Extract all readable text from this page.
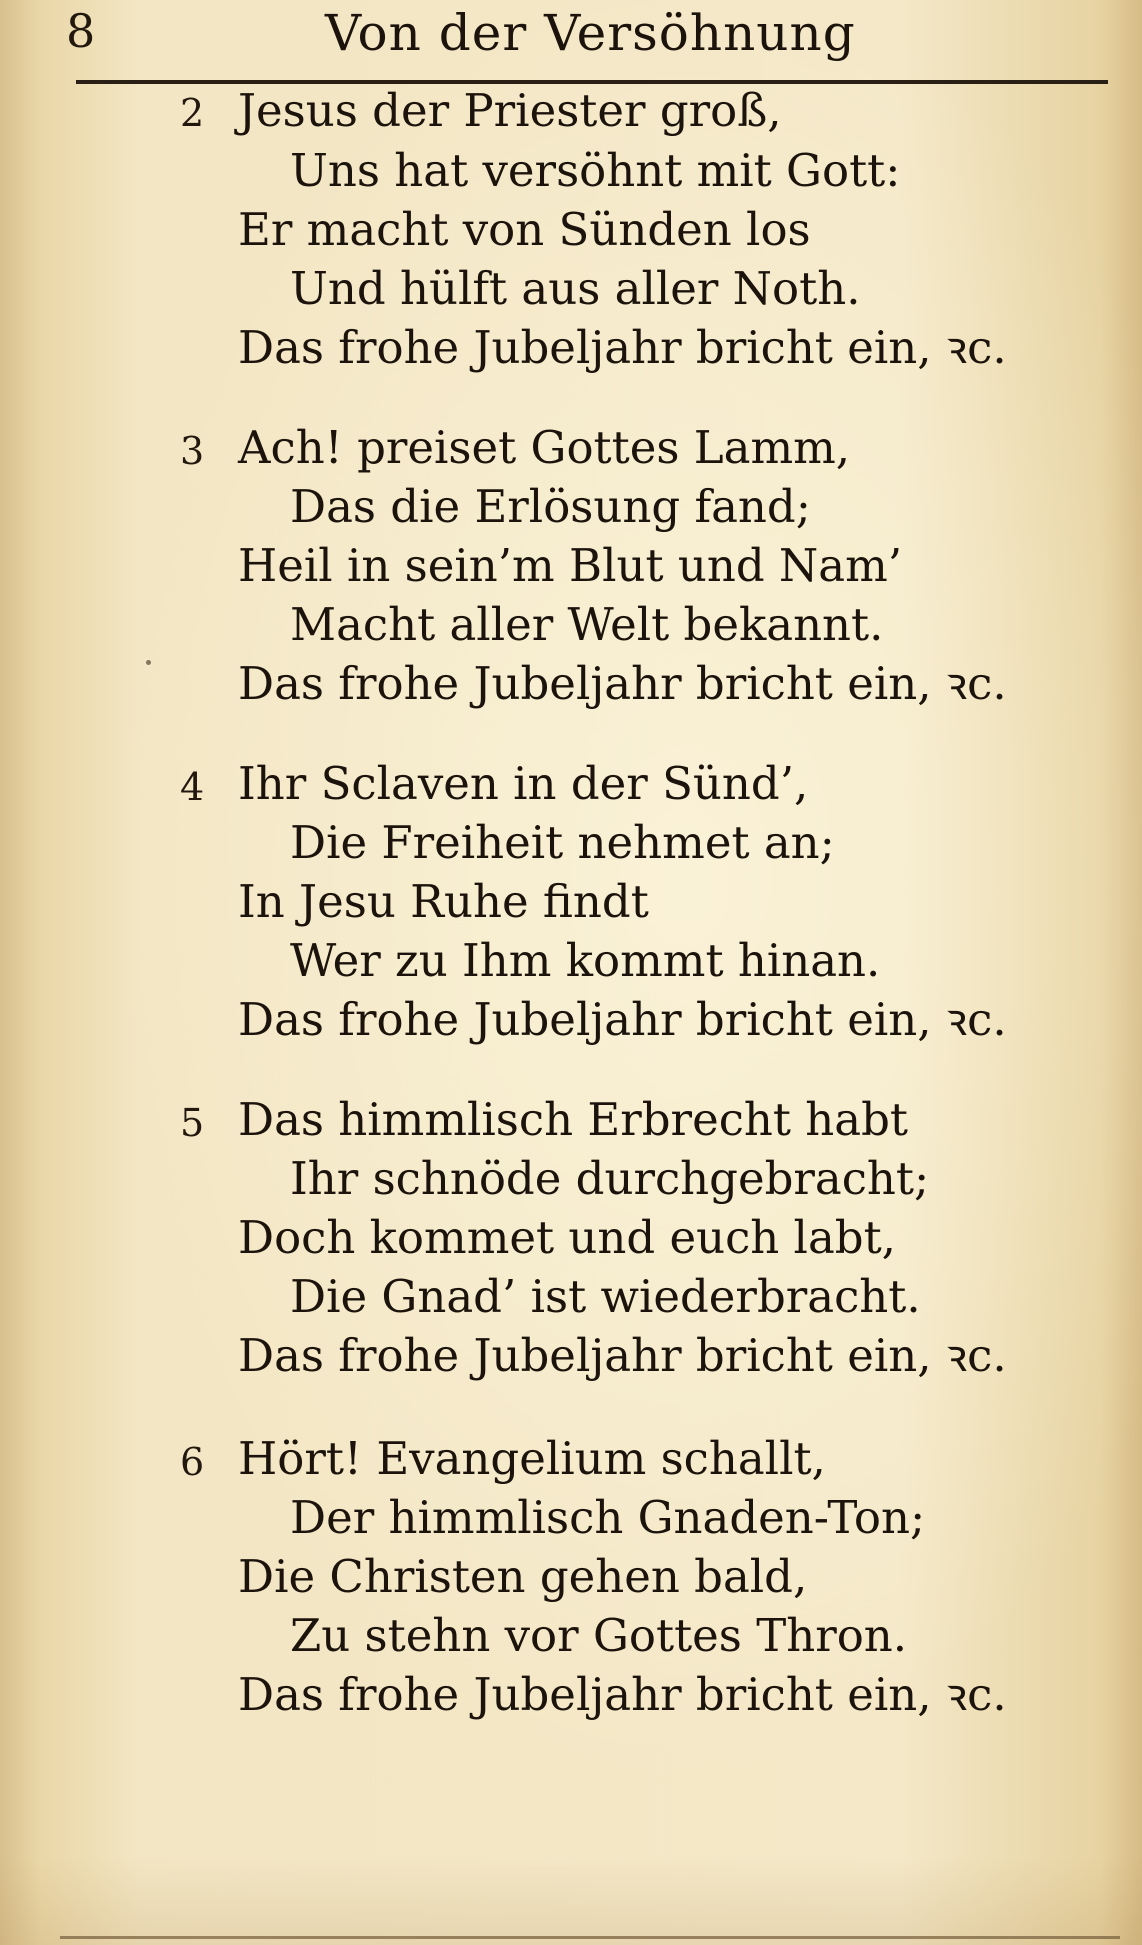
8	Von der Versöhnung
2 Jesus der Priester groß,
Uns hat versöhnt mit Gott:
Er macht von Sünden los
Und hülft aus aller Noth.
Das frohe Jubeljahr bricht ein, ꝛc.
3 Ach! preiset Gottes Lamm,
Das die Erlösung fand;
Heil in sein’m Blut und Nam’
Macht aller Welt bekannt.
Das frohe Jubeljahr bricht ein, ꝛc.
4 Ihr Sclaven in der Sünd’,
Die Freiheit nehmet an;
In Jesu Ruhe findt
Wer zu Ihm kommt hinan.
Das frohe Jubeljahr bricht ein, ꝛc.
5 Das himmlisch Erbrecht habt
Ihr schnöde durchgebracht;
Doch kommet und euch labt,
Die Gnad’ ist wiederbracht.
Das frohe Jubeljahr bricht ein, ꝛc.
6 Hört! Evangelium schallt,
Der himmlisch Gnaden-Ton;
Die Christen gehen bald,
Zu stehn vor Gottes Thron.
Das frohe Jubeljahr bricht ein, ꝛc.
